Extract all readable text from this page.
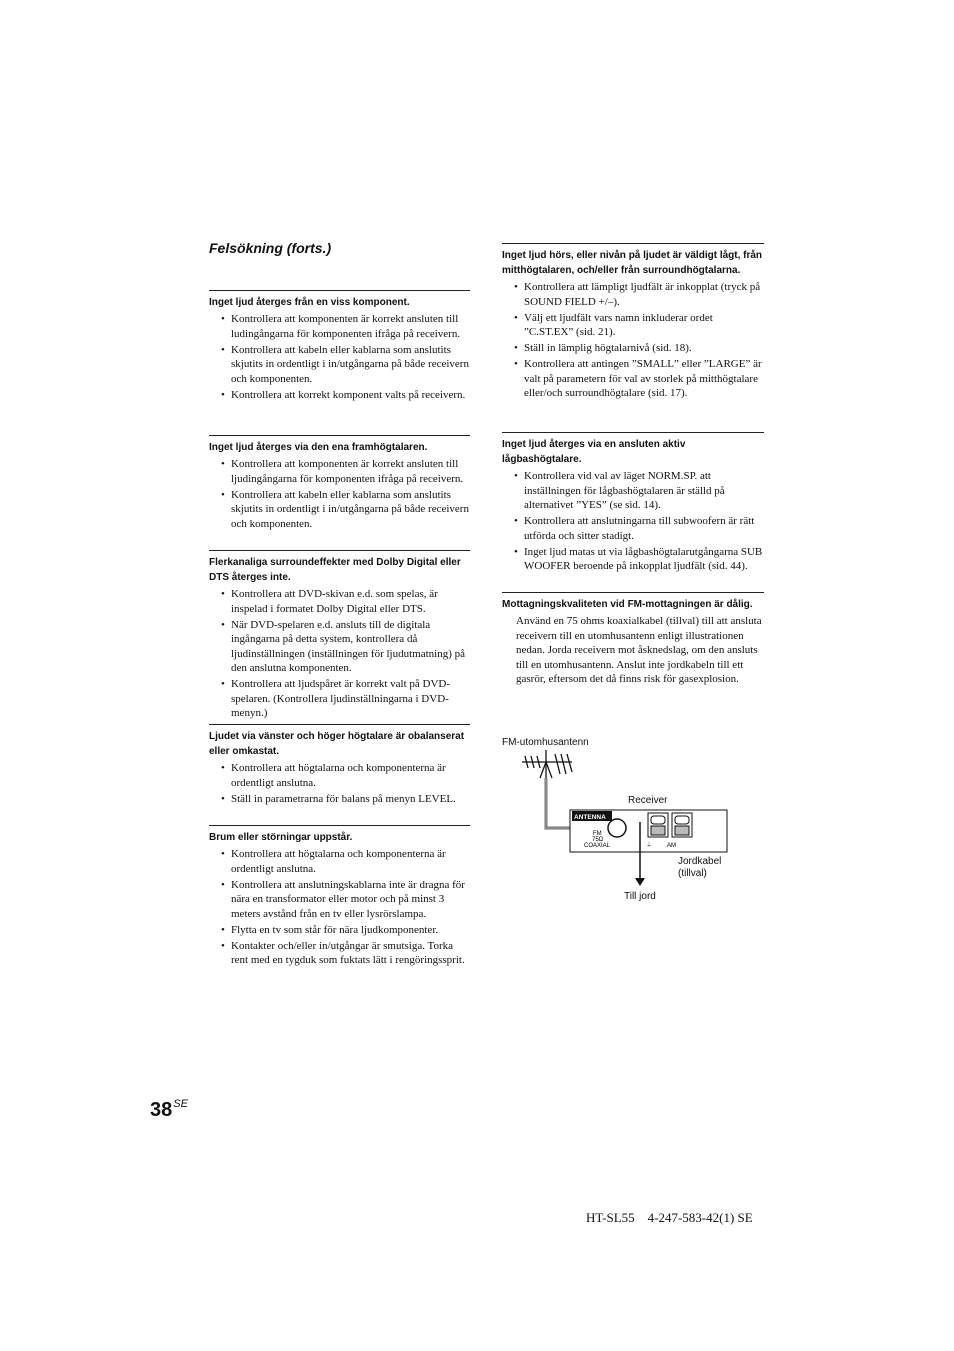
Felsökning (forts.)
Inget ljud återges från en viss komponent.
• Kontrollera att komponenten är korrekt ansluten till ludingångarna för komponenten ifråga på receivern.
• Kontrollera att kabeln eller kablarna som anslutits skjutits in ordentligt i in/utgångarna på både receivern och komponenten.
• Kontrollera att korrekt komponent valts på receivern.
Inget ljud återges via den ena framhögtalaren.
• Kontrollera att komponenten är korrekt ansluten till ljudingångarna för komponenten ifråga på receivern.
• Kontrollera att kabeln eller kablarna som anslutits skjutits in ordentligt i in/utgångarna på både receivern och komponenten.
Flerkanaliga surroundeffekter med Dolby Digital eller DTS återges inte.
• Kontrollera att DVD-skivan e.d. som spelas, är inspelad i formatet Dolby Digital eller DTS.
• När DVD-spelaren e.d. ansluts till de digitala ingångarna på detta system, kontrollera då ljudinställningen (inställningen för ljudutmatning) på den anslutna komponenten.
• Kontrollera att ljudspåret är korrekt valt på DVD-spelaren. (Kontrollera ljudinställningarna i DVD-menyn.)
Ljudet via vänster och höger högtalare är obalanserat eller omkastat.
• Kontrollera att högtalarna och komponenterna är ordentligt anslutna.
• Ställ in parametrarna för balans på menyn LEVEL.
Brum eller störningar uppstår.
• Kontrollera att högtalarna och komponenterna är ordentligt anslutna.
• Kontrollera att anslutningskablarna inte är dragna för nära en transformator eller motor och på minst 3 meters avstånd från en tv eller lysrörslampa.
• Flytta en tv som står för nära ljudkomponenter.
• Kontakter och/eller in/utgångar är smutsiga. Torka rent med en tygduk som fuktats lätt i rengöringssprit.
Inget ljud hörs, eller nivån på ljudet är väldigt lågt, från mitthögtalaren, och/eller från surroundhögtalarna.
• Kontrollera att lämpligt ljudfält är inkopplat (tryck på SOUND FIELD +/–).
• Välj ett ljudfält vars namn inkluderar ordet ”C.ST.EX” (sid. 21).
• Ställ in lämplig högtalarnivå (sid. 18).
• Kontrollera att antingen ”SMALL” eller ”LARGE” är valt på parametern för val av storlek på mitthögtalare eller/och surroundhögtalare (sid. 17).
Inget ljud återges via en ansluten aktiv lågbashögtalare.
• Kontrollera vid val av läget NORM.SP. att inställningen för lågbashögtalaren är ställd på alternativet ”YES” (se sid. 14).
• Kontrollera att anslutningarna till subwoofern är rätt utförda och sitter stadigt.
• Inget ljud matas ut via lågbashögtalarutgångarna SUB WOOFER beroende på inkopplat ljudfält (sid. 44).
Mottagningskvaliteten vid FM-mottagningen är dålig.
Använd en 75 ohms koaxialkabel (tillval) till att ansluta receivern till en utomhusantenn enligt illustrationen nedan. Jorda receivern mot åsknedslag, om den ansluts till en utomhusantenn. Anslut inte jordkabeln till ett gasrör, eftersom det då finns risk för gasexplosion.
FM-utomhusantenn
Receiver
Jordkabel
(tillval)
Till jord
ANTENNA
FM
75Ω
COAXIAL	⏚ AM
$38^{SE}$
HT-SL55    4-247-583-42(1) SE
